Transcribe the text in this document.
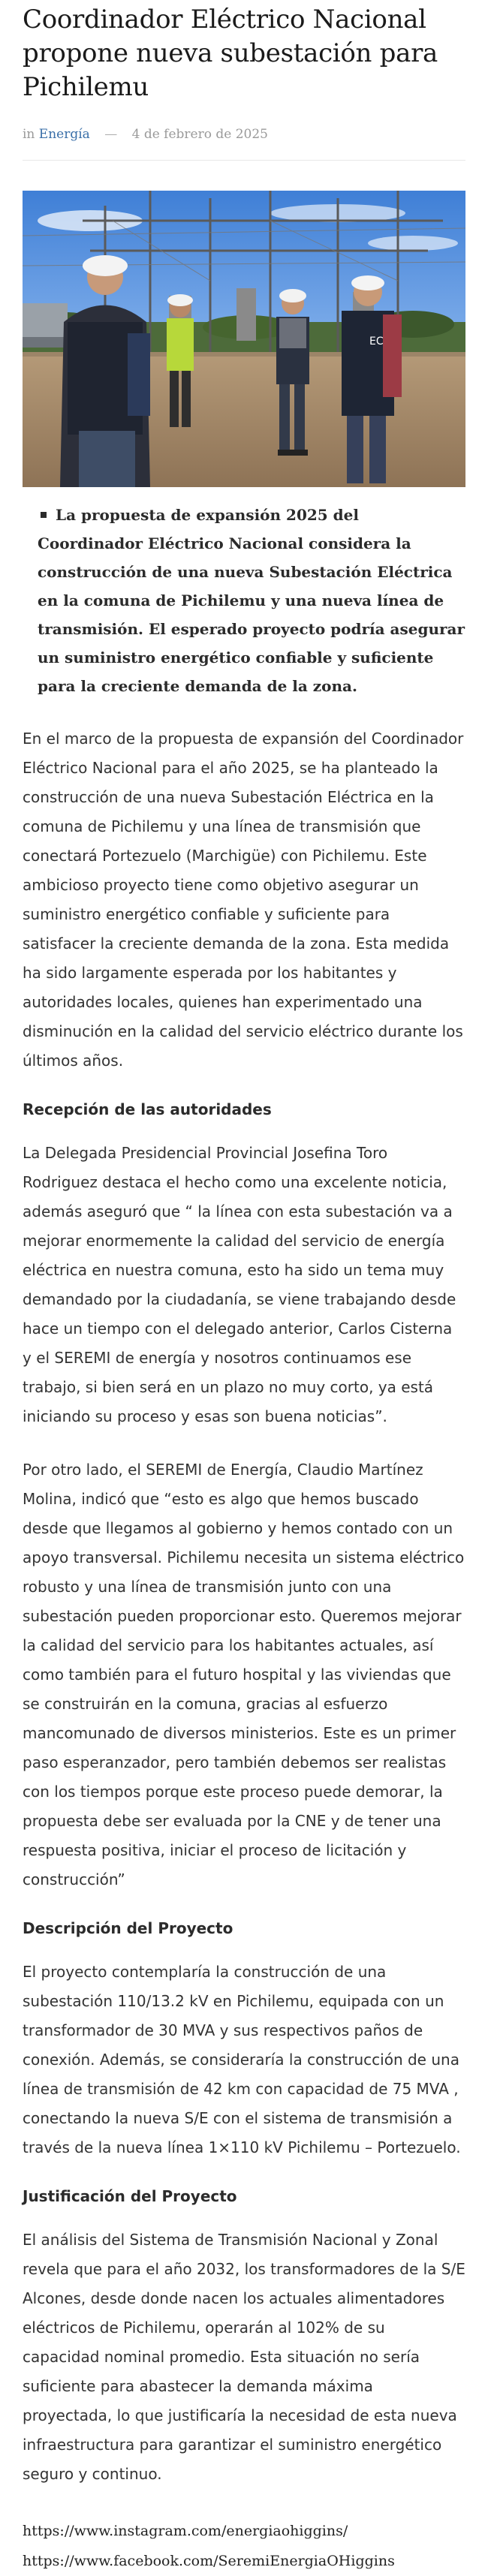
Coordinador Eléctrico Nacional propone nueva subestación para Pichilemu
in Energía — 4 de febrero de 2025
EC

La propuesta de expansión 2025 del Coordinador Eléctrico Nacional considera la construcción de una nueva Subestación Eléctrica en la comuna de Pichilemu y una nueva línea de transmisión. El esperado proyecto podría asegurar un suministro energético confiable y suficiente para la creciente demanda de la zona.

En el marco de la propuesta de expansión del Coordinador Eléctrico Nacional para el año 2025, se ha planteado la construcción de una nueva Subestación Eléctrica en la comuna de Pichilemu y una línea de transmisión que conectará Portezuelo (Marchigüe) con Pichilemu. Este ambicioso proyecto tiene como objetivo asegurar un suministro energético confiable y suficiente para satisfacer la creciente demanda de la zona. Esta medida ha sido largamente esperada por los habitantes y autoridades locales, quienes han experimentado una disminución en la calidad del servicio eléctrico durante los últimos años.

Recepción de las autoridades

La Delegada Presidencial Provincial Josefina Toro Rodriguez destaca el hecho como una excelente noticia, además aseguró que “ la línea con esta subestación va a mejorar enormemente la calidad del servicio de energía eléctrica en nuestra comuna, esto ha sido un tema muy demandado por la ciudadanía, se viene trabajando desde hace un tiempo con el delegado anterior, Carlos Cisterna y el SEREMI de energía y nosotros continuamos ese trabajo, si bien será en un plazo no muy corto, ya está iniciando su proceso y esas son buena noticias”.

Por otro lado, el SEREMI de Energía, Claudio Martínez Molina, indicó que “esto es algo que hemos buscado desde que llegamos al gobierno y hemos contado con un apoyo transversal. Pichilemu necesita un sistema eléctrico robusto y una línea de transmisión junto con una subestación pueden proporcionar esto. Queremos mejorar la calidad del servicio para los habitantes actuales, así como también para el futuro hospital y las viviendas que se construirán en la comuna, gracias al esfuerzo mancomunado de diversos ministerios. Este es un primer paso esperanzador, pero también debemos ser realistas con los tiempos porque este proceso puede demorar, la propuesta debe ser evaluada por la CNE y de tener una respuesta positiva, iniciar el proceso de licitación y construcción”

Descripción del Proyecto

El proyecto contemplaría la construcción de una subestación 110/13.2 kV en Pichilemu, equipada con un transformador de 30 MVA y sus respectivos paños de conexión. Además, se consideraría la construcción de una línea de transmisión de 42 km con capacidad de 75 MVA , conectando la nueva S/E con el sistema de transmisión a través de la nueva línea 1×110 kV Pichilemu – Portezuelo.

Justificación del Proyecto

El análisis del Sistema de Transmisión Nacional y Zonal revela que para el año 2032, los transformadores de la S/E Alcones, desde donde nacen los actuales alimentadores eléctricos de Pichilemu, operarán al 102% de su capacidad nominal promedio. Esta situación no sería suficiente para abastecer la demanda máxima proyectada, lo que justificaría la necesidad de esta nueva infraestructura para garantizar el suministro energético seguro y continuo.

https://www.instagram.com/energiaohiggins/
https://www.facebook.com/SeremiEnergiaOHiggins
